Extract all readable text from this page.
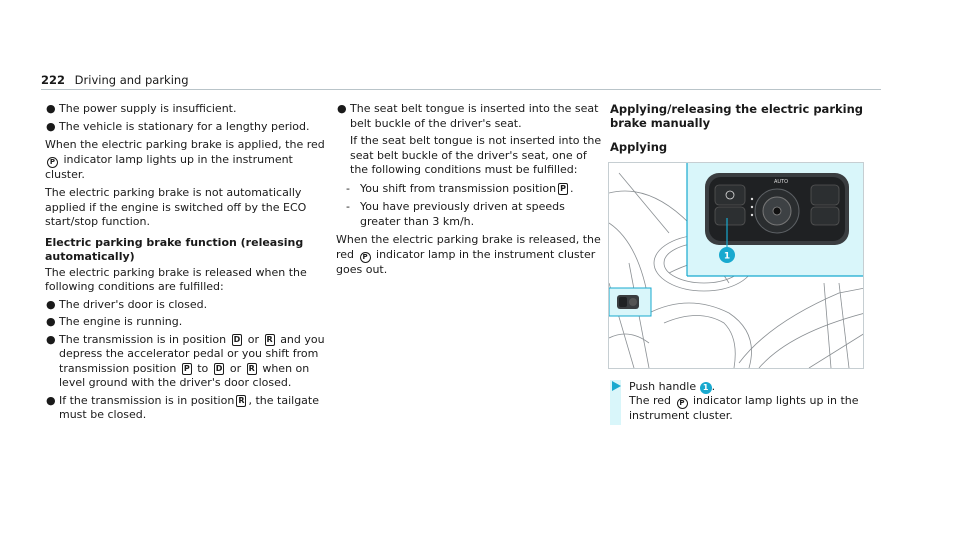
222 Driving and parking
● The power supply is insufficient.
● The vehicle is stationary for a lengthy period.
When the electric parking brake is applied, the red P indicator lamp lights up in the instrument cluster.
The electric parking brake is not automatically applied if the engine is switched off by the ECO start/stop function.
Electric parking brake function (releasing automatically)
The electric parking brake is released when the following conditions are fulfilled:
● The driver's door is closed.
● The engine is running.
● The transmission is in position D or R and you depress the accelerator pedal or you shift from transmission position P to D or R when on level ground with the driver's door closed.
● If the transmission is in position R , the tailgate must be closed.
● The seat belt tongue is inserted into the seat belt buckle of the driver's seat.
If the seat belt tongue is not inserted into the seat belt buckle of the driver's seat, one of the following conditions must be fulfilled:
- You shift from transmission position P .
- You have previously driven at speeds greater than 3 km/h.
When the electric parking brake is released, the red P indicator lamp in the instrument cluster goes out.
Applying/releasing the electric parking brake manually
Applying
AUTO
1
Push handle 1 .
The red P indicator lamp lights up in the instrument cluster.
